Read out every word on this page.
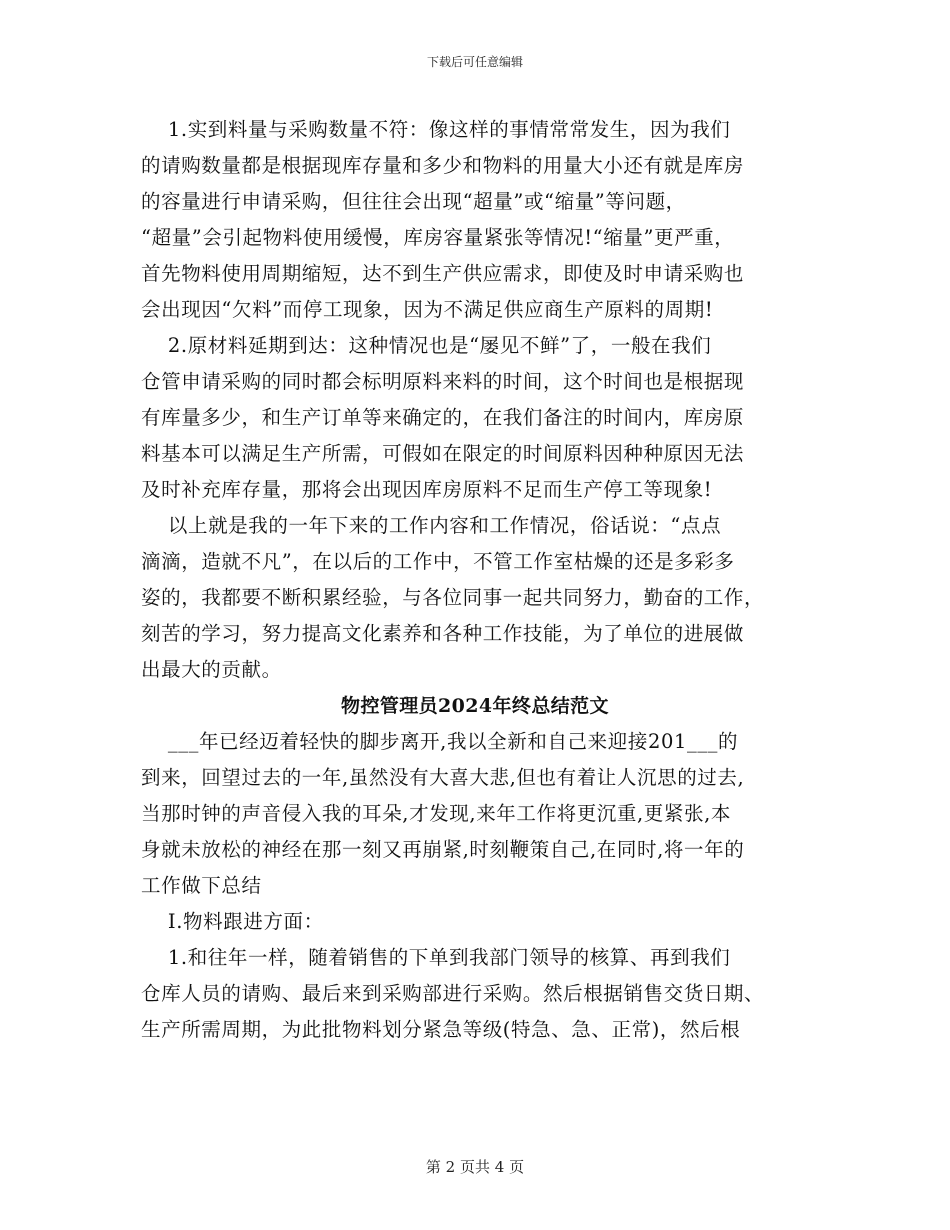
下载后可任意编辑
　 1.实到料量与采购数量不符：像这样的事情常常发生，因为我们
的请购数量都是根据现库存量和多少和物料的用量大小还有就是库房
的容量进行申请采购，但往往会出现“超量”或“缩量”等问题，
“超量”会引起物料使用缓慢，库房容量紧张等情况!“缩量”更严重，
首先物料使用周期缩短，达不到生产供应需求，即使及时申请采购也
会出现因“欠料”而停工现象，因为不满足供应商生产原料的周期!
　 2.原材料延期到达：这种情况也是“屡见不鲜”了，一般在我们
仓管申请采购的同时都会标明原料来料的时间，这个时间也是根据现
有库量多少，和生产订单等来确定的，在我们备注的时间内，库房原
料基本可以满足生产所需，可假如在限定的时间原料因种种原因无法
及时补充库存量，那将会出现因库房原料不足而生产停工等现象!
　 以上就是我的一年下来的工作内容和工作情况，俗话说：“点点
滴滴，造就不凡”，在以后的工作中，不管工作室枯燥的还是多彩多
姿的，我都要不断积累经验，与各位同事一起共同努力，勤奋的工作，
刻苦的学习，努力提高文化素养和各种工作技能，为了单位的进展做
出最大的贡献。
物控管理员2024年终总结范文
　 ___年已经迈着轻快的脚步离开,我以全新和自己来迎接201___的
到来，回望过去的一年,虽然没有大喜大悲,但也有着让人沉思的过去,
当那时钟的声音侵入我的耳朵,才发现,来年工作将更沉重,更紧张,本
身就未放松的神经在那一刻又再崩紧,时刻鞭策自己,在同时,将一年的
工作做下总结
　 I.物料跟进方面：
　 1.和往年一样，随着销售的下单到我部门领导的核算、再到我们
仓库人员的请购、最后来到采购部进行采购。然后根据销售交货日期、
生产所需周期，为此批物料划分紧急等级(特急、急、正常)，然后根
第 2 页共 4 页
